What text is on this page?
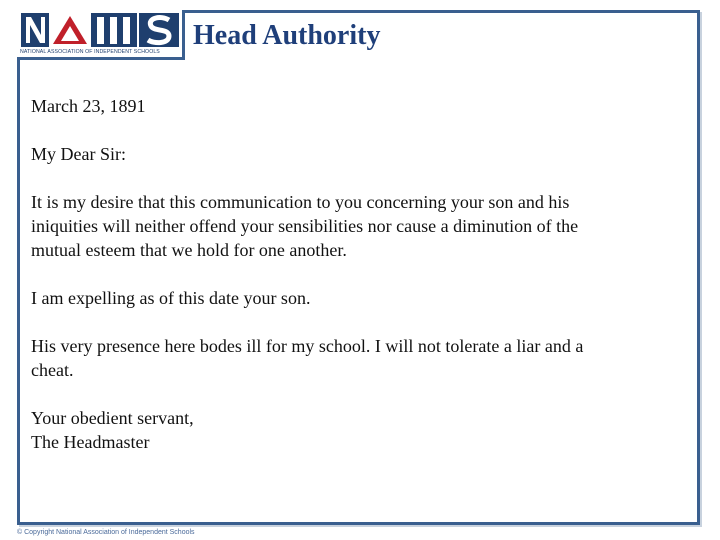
NATIONAL ASSOCIATION OF INDEPENDENT SCHOOLS
Head Authority

March 23, 1891

My Dear Sir:

It is my desire that this communication to you concerning your son and his
iniquities will neither offend your sensibilities nor cause a diminution of the
mutual esteem that we hold for one another.

I am expelling as of this date your son.

His very presence here bodes ill for my school. I will not tolerate a liar and a
cheat.

Your obedient servant,
The Headmaster

© Copyright National Association of Independent Schools
